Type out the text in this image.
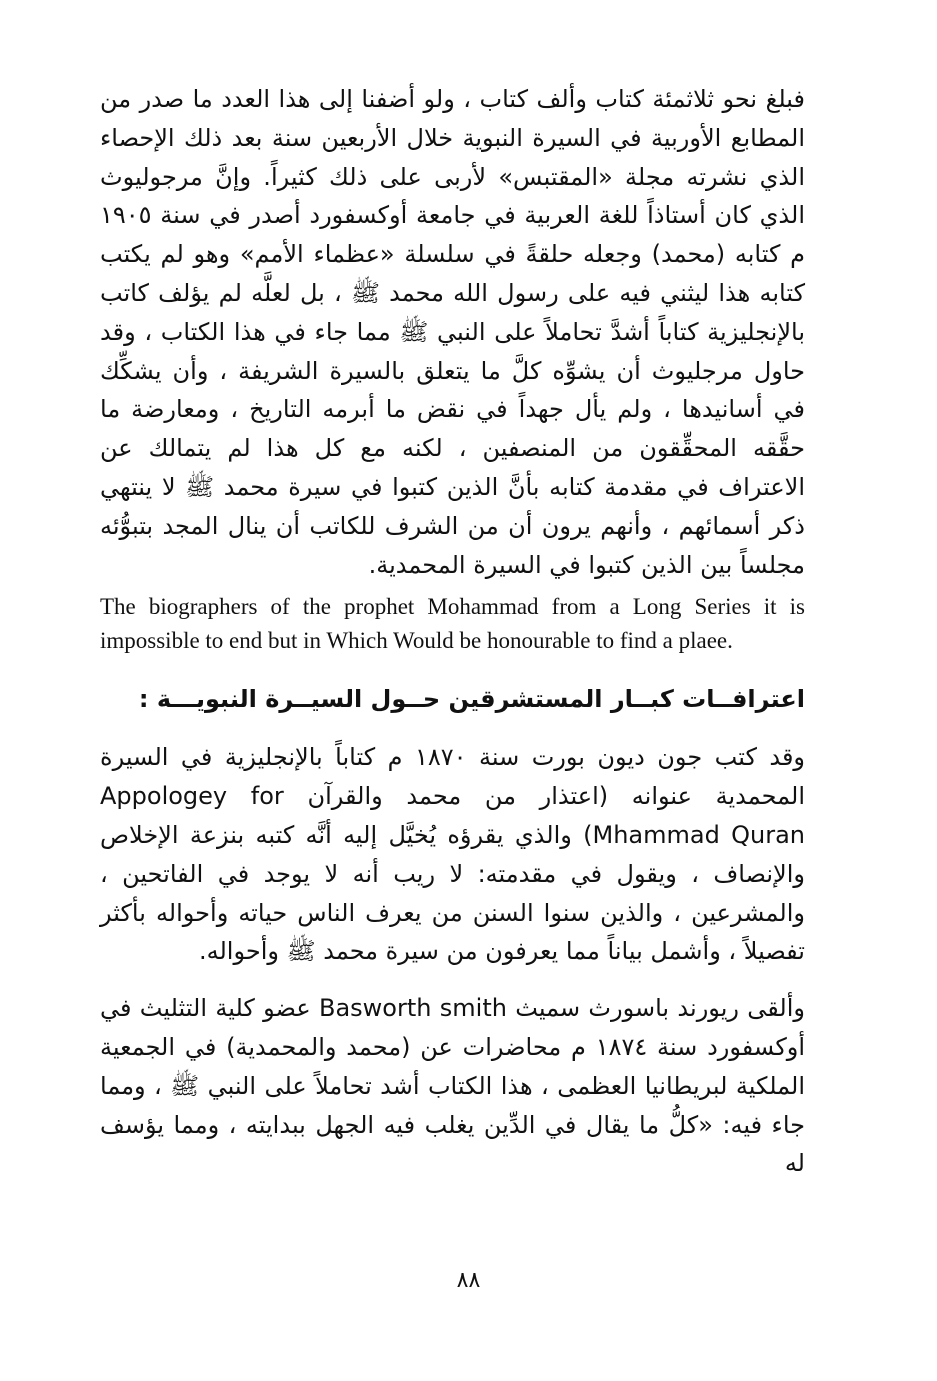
فبلغ نحو ثلاثمئة كتاب وألف كتاب ، ولو أضفنا إلى هذا العدد ما صدر من المطابع الأوربية في السيرة النبوية خلال الأربعين سنة بعد ذلك الإحصاء الذي نشرته مجلة «المقتبس» لأربى على ذلك كثيراً. وإنَّ مرجوليوث الذي كان أستاذاً للغة العربية في جامعة أوكسفورد أصدر في سنة ١٩٠٥ م كتابه (محمد) وجعله حلقةً في سلسلة «عظماء الأمم» وهو لم يكتب كتابه هذا ليثني فيه على رسول الله محمد ﷺ ، بل لعلَّه لم يؤلف كاتب بالإنجليزية كتاباً أشدَّ تحاملاً على النبي ﷺ مما جاء في هذا الكتاب ، وقد حاول مرجليوث أن يشوِّه كلَّ ما يتعلق بالسيرة الشريفة ، وأن يشكِّك في أسانيدها ، ولم يأل جهداً في نقض ما أبرمه التاريخ ، ومعارضة ما حقَّقه المحقِّقون من المنصفين ، لكنه مع كل هذا لم يتمالك عن الاعتراف في مقدمة كتابه بأنَّ الذين كتبوا في سيرة محمد ﷺ لا ينتهي ذكر أسمائهم ، وأنهم يرون أن من الشرف للكاتب أن ينال المجد بتبوُّئه مجلساً بين الذين كتبوا في السيرة المحمدية.

The biographers of the prophet Mohammad from a Long Series it is impossible to end but in Which Would be honourable to find a plaee.

اعترافــات كبــار المستشرقين حــول السيــرة النبويـــة :

وقد كتب جون ديون بورت سنة ١٨٧٠ م كتاباً بالإنجليزية في السيرة المحمدية عنوانه (اعتذار من محمد والقرآن Appologey for Mhammad Quran) والذي يقرؤه يُخيَّل إليه أنَّه كتبه بنزعة الإخلاص والإنصاف ، ويقول في مقدمته: لا ريب أنه لا يوجد في الفاتحين ، والمشرعين ، والذين سنوا السنن من يعرف الناس حياته وأحواله بأكثر تفصيلاً ، وأشمل بياناً مما يعرفون من سيرة محمد ﷺ وأحواله.

وألقى ريورند باسورث سميث Basworth smith عضو كلية التثليث في أوكسفورد سنة ١٨٧٤ م محاضرات عن (محمد والمحمدية) في الجمعية الملكية لبريطانيا العظمى ، هذا الكتاب أشد تحاملاً على النبي ﷺ ، ومما جاء فيه: «كلُّ ما يقال في الدِّين يغلب فيه الجهل ببدايته ، ومما يؤسف له

٨٨
